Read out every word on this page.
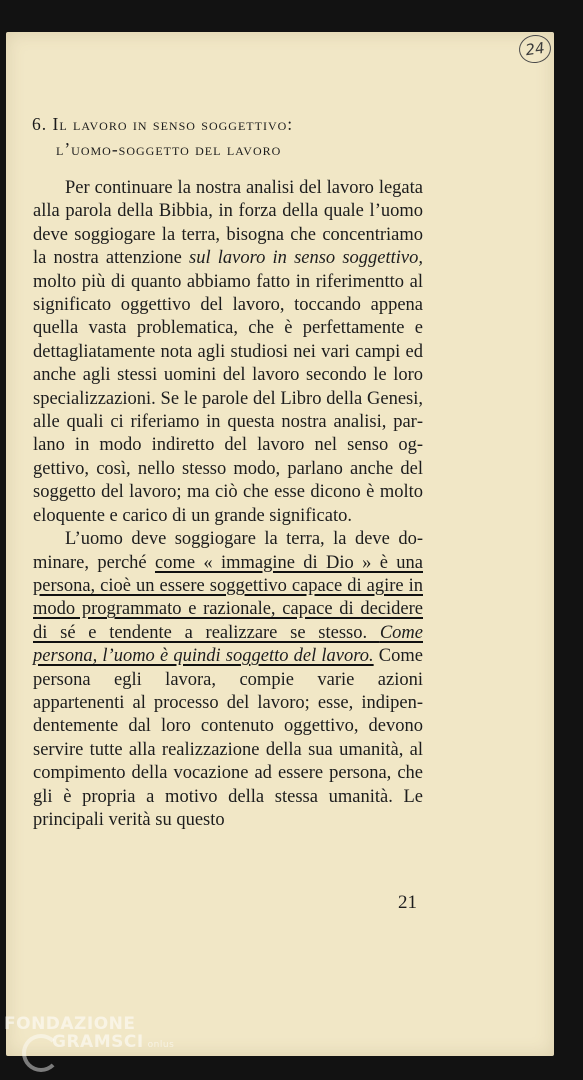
24
6. Il lavoro in senso soggettivo:
l’uomo-soggetto del lavoro

Per continuare la nostra analisi del lavoro legata alla parola della Bibbia, in forza della quale l’uomo deve soggiogare la terra, bisogna che concentriamo la nostra attenzione sul lavoro in senso soggettivo, molto più di quanto abbiamo fatto in riferimentto al significato oggettivo del lavoro, toccando appena quella vasta problematica, che è perfettamente e dettagliatamente nota agli studiosi nei vari campi ed anche agli stessi uomini del lavoro secondo le loro specializzazioni. Se le parole del Libro della Genesi, alle quali ci riferiamo in questa nostra analisi, parlano in modo indiretto del lavoro nel senso oggettivo, così, nello stesso modo, parlano anche del soggetto del lavoro; ma ciò che esse dicono è molto eloquente e carico di un grande significato.

L’uomo deve soggiogare la terra, la deve dominare, perché come « immagine di Dio » è una persona, cioè un essere soggettivo capace di agire in modo programmato e razionale, capace di decidere di sé e tendente a realizzare se stesso. Come persona, l’uomo è quindi soggetto del lavoro. Come persona egli lavora, compie varie azioni appartenenti al processo del lavoro; esse, indipendentemente dal loro contenuto oggettivo, devono servire tutte alla realizzazione della sua umanità, al compimento della vocazione ad essere persona, che gli è propria a motivo della stessa umanità. Le principali verità su questo

21
FONDAZIONE
GRAMSCI onlus
